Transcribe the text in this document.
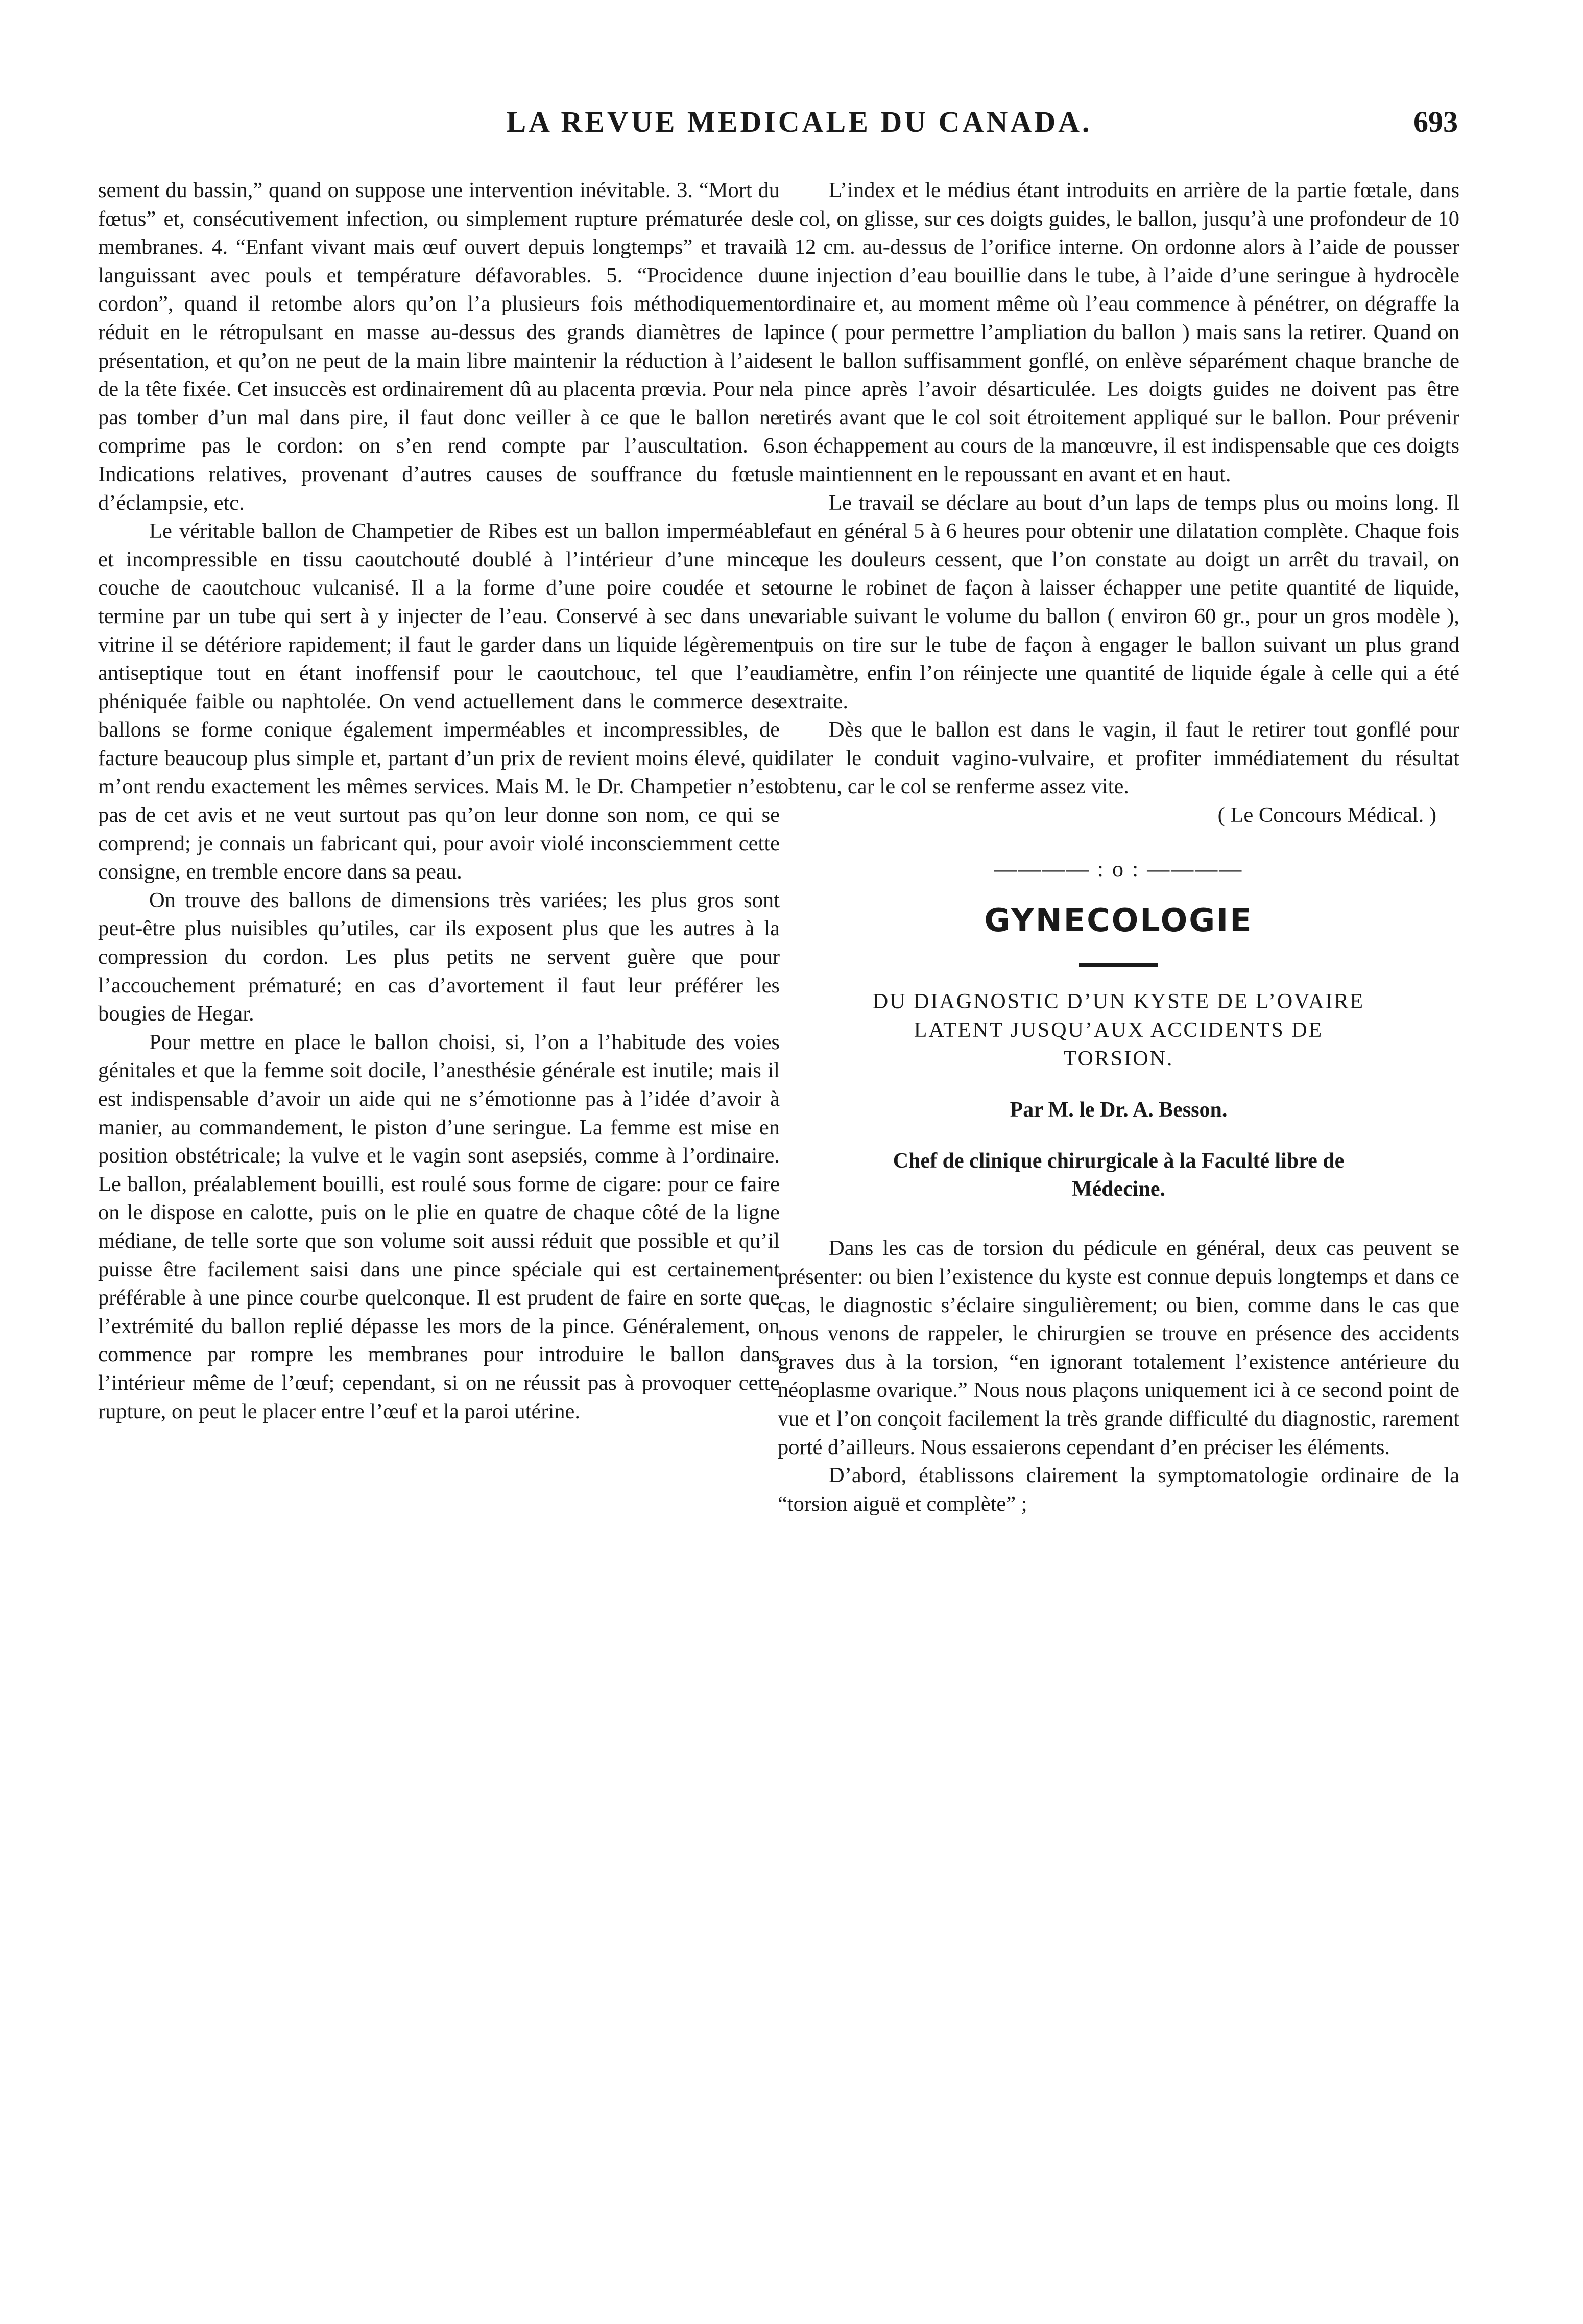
LA REVUE MEDICALE DU CANADA.	693

sement du bassin,” quand on suppose une intervention inévitable. 3. “Mort du fœtus” et, consécutivement infection, ou simplement rupture prématurée des membranes. 4. “Enfant vivant mais œuf ouvert depuis longtemps” et travail languissant avec pouls et température défavorables. 5. “Procidence du cordon”, quand il retombe alors qu’on l’a plusieurs fois méthodiquement réduit en le rétropulsant en masse au-dessus des grands diamètres de la présentation, et qu’on ne peut de la main libre maintenir la réduction à l’aide de la tête fixée. Cet insuccès est ordinairement dû au placenta prœvia. Pour ne pas tomber d’un mal dans pire, il faut donc veiller à ce que le ballon ne comprime pas le cordon: on s’en rend compte par l’auscultation. 6. Indications relatives, provenant d’autres causes de souffrance du fœtus d’éclampsie, etc.

Le véritable ballon de Champetier de Ribes est un ballon imperméable et incompressible en tissu caoutchouté doublé à l’intérieur d’une mince couche de caoutchouc vulcanisé. Il a la forme d’une poire coudée et se termine par un tube qui sert à y injecter de l’eau. Conservé à sec dans une vitrine il se détériore rapidement; il faut le garder dans un liquide légèrement antiseptique tout en étant inoffensif pour le caoutchouc, tel que l’eau phéniquée faible ou naphtolée. On vend actuellement dans le commerce des ballons se forme conique également imperméables et incompressibles, de facture beaucoup plus simple et, partant d’un prix de revient moins élevé, qui m’ont rendu exactement les mêmes services. Mais M. le Dr. Champetier n’est pas de cet avis et ne veut surtout pas qu’on leur donne son nom, ce qui se comprend; je connais un fabricant qui, pour avoir violé inconsciemment cette consigne, en tremble encore dans sa peau.

On trouve des ballons de dimensions très variées; les plus gros sont peut-être plus nuisibles qu’utiles, car ils exposent plus que les autres à la compression du cordon. Les plus petits ne servent guère que pour l’accouchement prématuré; en cas d’avortement il faut leur préférer les bougies de Hegar.

Pour mettre en place le ballon choisi, si, l’on a l’habitude des voies génitales et que la femme soit docile, l’anesthésie générale est inutile; mais il est indispensable d’avoir un aide qui ne s’émotionne pas à l’idée d’avoir à manier, au commandement, le piston d’une seringue. La femme est mise en position obstétricale; la vulve et le vagin sont asepsiés, comme à l’ordinaire. Le ballon, préalablement bouilli, est roulé sous forme de cigare: pour ce faire on le dispose en calotte, puis on le plie en quatre de chaque côté de la ligne médiane, de telle sorte que son volume soit aussi réduit que possible et qu’il puisse être facilement saisi dans une pince spéciale qui est certainement préférable à une pince courbe quelconque. Il est prudent de faire en sorte que l’extrémité du ballon replié dépasse les mors de la pince. Généralement, on commence par rompre les membranes pour introduire le ballon dans l’intérieur même de l’œuf; cependant, si on ne réussit pas à provoquer cette rupture, on peut le placer entre l’œuf et la paroi utérine.

L’index et le médius étant introduits en arrière de la partie fœtale, dans le col, on glisse, sur ces doigts guides, le ballon, jusqu’à une profondeur de 10 à 12 cm. au-dessus de l’orifice interne. On ordonne alors à l’aide de pousser une injection d’eau bouillie dans le tube, à l’aide d’une seringue à hydrocèle ordinaire et, au moment même où l’eau commence à pénétrer, on dégraffe la pince ( pour permettre l’ampliation du ballon ) mais sans la retirer. Quand on sent le ballon suffisamment gonflé, on enlève séparément chaque branche de la pince après l’avoir désarticulée. Les doigts guides ne doivent pas être retirés avant que le col soit étroitement appliqué sur le ballon. Pour prévenir son échappement au cours de la manœuvre, il est indispensable que ces doigts le maintiennent en le repoussant en avant et en haut.

Le travail se déclare au bout d’un laps de temps plus ou moins long. Il faut en général 5 à 6 heures pour obtenir une dilatation complète. Chaque fois que les douleurs cessent, que l’on constate au doigt un arrêt du travail, on tourne le robinet de façon à laisser échapper une petite quantité de liquide, variable suivant le volume du ballon ( environ 60 gr., pour un gros modèle ), puis on tire sur le tube de façon à engager le ballon suivant un plus grand diamètre, enfin l’on réinjecte une quantité de liquide égale à celle qui a été extraite.

Dès que le ballon est dans le vagin, il faut le retirer tout gonflé pour dilater le conduit vagino-vulvaire, et profiter immédiatement du résultat obtenu, car le col se renferme assez vite.

( Le Concours Médical. )

———— : o : ————
GYNECOLOGIE
DU DIAGNOSTIC D’UN KYSTE DE L’OVAIRE
LATENT JUSQU’AUX ACCIDENTS DE
TORSION.
Par M. le Dr. A. Besson.
Chef de clinique chirurgicale à la Faculté libre de
Médecine.

Dans les cas de torsion du pédicule en général, deux cas peuvent se présenter: ou bien l’existence du kyste est connue depuis longtemps et dans ce cas, le diagnostic s’éclaire singulièrement; ou bien, comme dans le cas que nous venons de rappeler, le chirurgien se trouve en présence des accidents graves dus à la torsion, “en ignorant totalement l’existence antérieure du néoplasme ovarique.” Nous nous plaçons uniquement ici à ce second point de vue et l’on conçoit facilement la très grande difficulté du diagnostic, rarement porté d’ailleurs. Nous essaierons cependant d’en préciser les éléments.

D’abord, établissons clairement la symptomatologie ordinaire de la “torsion aiguë et complète” ;
